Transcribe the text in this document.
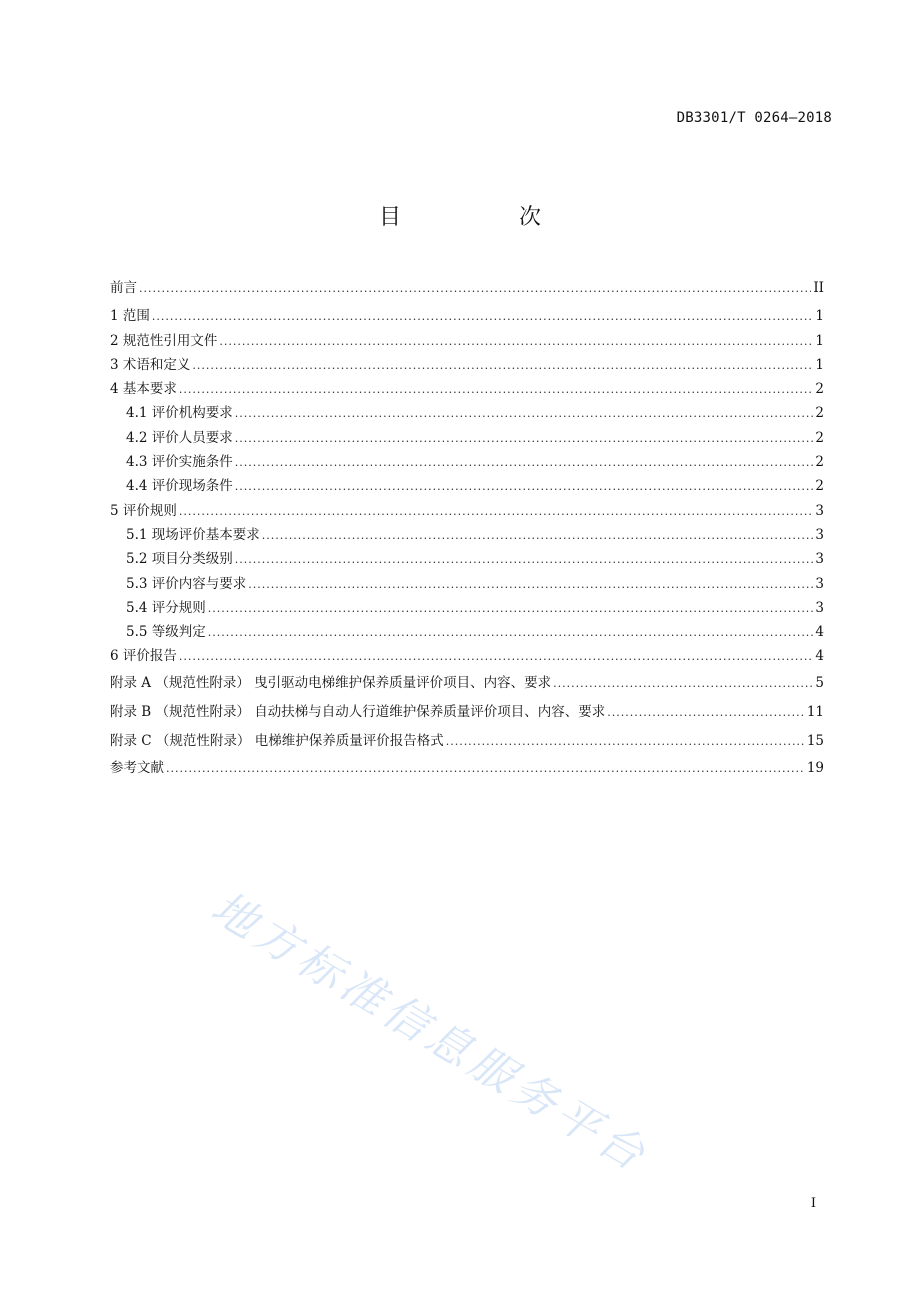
DB3301/T 0264—2018
目　次
前言 .....	II
1 范围 .....	1
2 规范性引用文件 .....	1
3 术语和定义 .....	1
4 基本要求 .....	2
4.1 评价机构要求 .....	2
4.2 评价人员要求 .....	2
4.3 评价实施条件 .....	2
4.4 评价现场条件 .....	2
5 评价规则 .....	3
5.1 现场评价基本要求 .....	3
5.2 项目分类级别 .....	3
5.3 评价内容与要求 .....	3
5.4 评分规则 .....	3
5.5 等级判定 .....	4
6 评价报告 .....	4
附录 A （规范性附录） 曳引驱动电梯维护保养质量评价项目、内容、要求 .....	5
附录 B （规范性附录） 自动扶梯与自动人行道维护保养质量评价项目、内容、要求 .....	11
附录 C （规范性附录） 电梯维护保养质量评价报告格式 .....	15
参考文献 .....	19
地方标准信息服务平台
I
